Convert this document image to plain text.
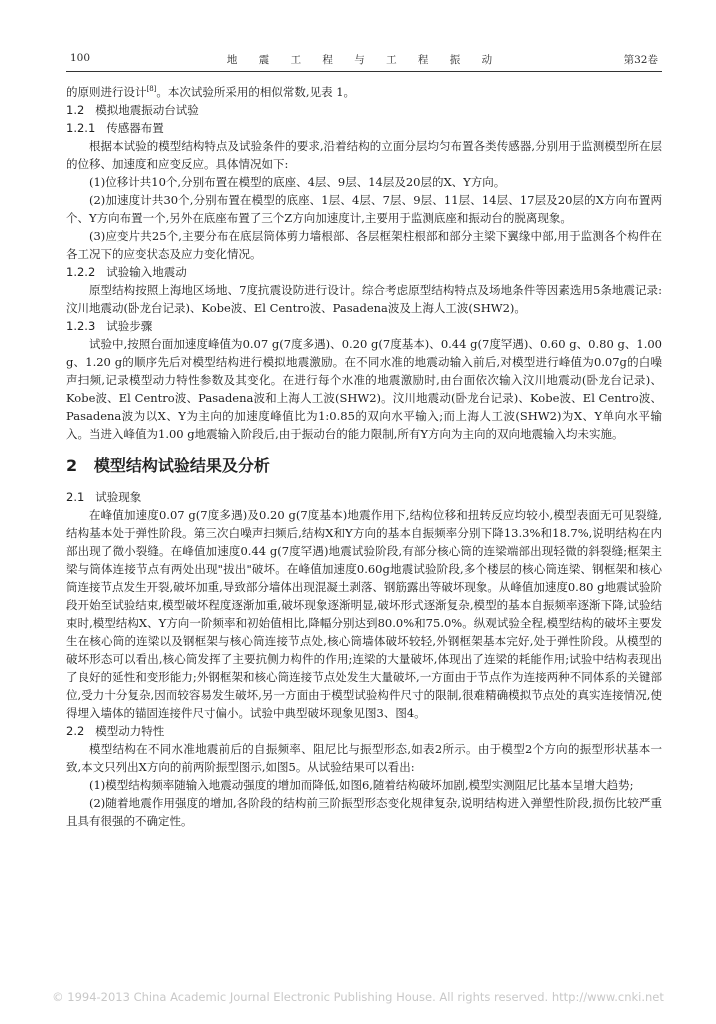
100	地 震 工 程 与 工 程 振 动	第32卷

的原则进行设计[8]。本次试验所采用的相似常数,见表 1。

1.2   模拟地震振动台试验

1.2.1   传感器布置

根据本试验的模型结构特点及试验条件的要求,沿着结构的立面分层均匀布置各类传感器,分别用于监测模型所在层的位移、加速度和应变反应。具体情况如下:

(1)位移计共10个,分别布置在模型的底座、4层、9层、14层及20层的X、Y方向。

(2)加速度计共30个,分别布置在模型的底座、1层、4层、7层、9层、11层、14层、17层及20层的X方向布置两个、Y方向布置一个,另外在底座布置了三个Z方向加速度计,主要用于监测底座和振动台的脱离现象。

(3)应变片共25个,主要分布在底层筒体剪力墙根部、各层框架柱根部和部分主梁下翼缘中部,用于监测各个构件在各工况下的应变状态及应力变化情况。

1.2.2   试验输入地震动

原型结构按照上海地区场地、7度抗震设防进行设计。综合考虑原型结构特点及场地条件等因素选用5条地震记录:汶川地震动(卧龙台记录)、Kobe波、El Centro波、Pasadena波及上海人工波(SHW2)。

1.2.3   试验步骤

试验中,按照台面加速度峰值为0.07 g(7度多遇)、0.20 g(7度基本)、0.44 g(7度罕遇)、0.60 g、0.80 g、1.00 g、1.20 g的顺序先后对模型结构进行模拟地震激励。在不同水准的地震动输入前后,对模型进行峰值为0.07g的白噪声扫频,记录模型动力特性参数及其变化。在进行每个水准的地震激励时,由台面依次输入汶川地震动(卧龙台记录)、Kobe波、El Centro波、Pasadena波和上海人工波(SHW2)。汶川地震动(卧龙台记录)、Kobe波、El Centro波、Pasadena波为以X、Y为主向的加速度峰值比为1:0.85的双向水平输入;而上海人工波(SHW2)为X、Y单向水平输入。当进入峰值为1.00 g地震输入阶段后,由于振动台的能力限制,所有Y方向为主向的双向地震输入均未实施。

2   模型结构试验结果及分析

2.1   试验现象

在峰值加速度0.07 g(7度多遇)及0.20 g(7度基本)地震作用下,结构位移和扭转反应均较小,模型表面无可见裂缝,结构基本处于弹性阶段。第三次白噪声扫频后,结构X和Y方向的基本自振频率分别下降13.3%和18.7%,说明结构在内部出现了微小裂缝。在峰值加速度0.44 g(7度罕遇)地震试验阶段,有部分核心筒的连梁端部出现轻微的斜裂缝;框架主梁与筒体连接节点有两处出现"拔出"破坏。在峰值加速度0.60g地震试验阶段,多个楼层的核心筒连梁、钢框架和核心筒连接节点发生开裂,破坏加重,导致部分墙体出现混凝土剥落、钢筋露出等破坏现象。从峰值加速度0.80 g地震试验阶段开始至试验结束,模型破坏程度逐渐加重,破坏现象逐渐明显,破坏形式逐渐复杂,模型的基本自振频率逐渐下降,试验结束时,模型结构X、Y方向一阶频率和初始值相比,降幅分别达到80.0%和75.0%。纵观试验全程,模型结构的破坏主要发生在核心筒的连梁以及钢框架与核心筒连接节点处,核心筒墙体破坏较轻,外钢框架基本完好,处于弹性阶段。从模型的破坏形态可以看出,核心筒发挥了主要抗侧力构件的作用;连梁的大量破坏,体现出了连梁的耗能作用;试验中结构表现出了良好的延性和变形能力;外钢框架和核心筒连接节点处发生大量破坏,一方面由于节点作为连接两种不同体系的关键部位,受力十分复杂,因而较容易发生破坏,另一方面由于模型试验构件尺寸的限制,很难精确模拟节点处的真实连接情况,使得埋入墙体的锚固连接件尺寸偏小。试验中典型破坏现象见图3、图4。

2.2   模型动力特性

模型结构在不同水准地震前后的自振频率、阻尼比与振型形态,如表2所示。由于模型2个方向的振型形状基本一致,本文只列出X方向的前两阶振型图示,如图5。从试验结果可以看出:

(1)模型结构频率随输入地震动强度的增加而降低,如图6,随着结构破坏加剧,模型实测阻尼比基本呈增大趋势;

(2)随着地震作用强度的增加,各阶段的结构前三阶振型形态变化规律复杂,说明结构进入弹塑性阶段,损伤比较严重且具有很强的不确定性。

© 1994-2013 China Academic Journal Electronic Publishing House. All rights reserved. http://www.cnki.net
